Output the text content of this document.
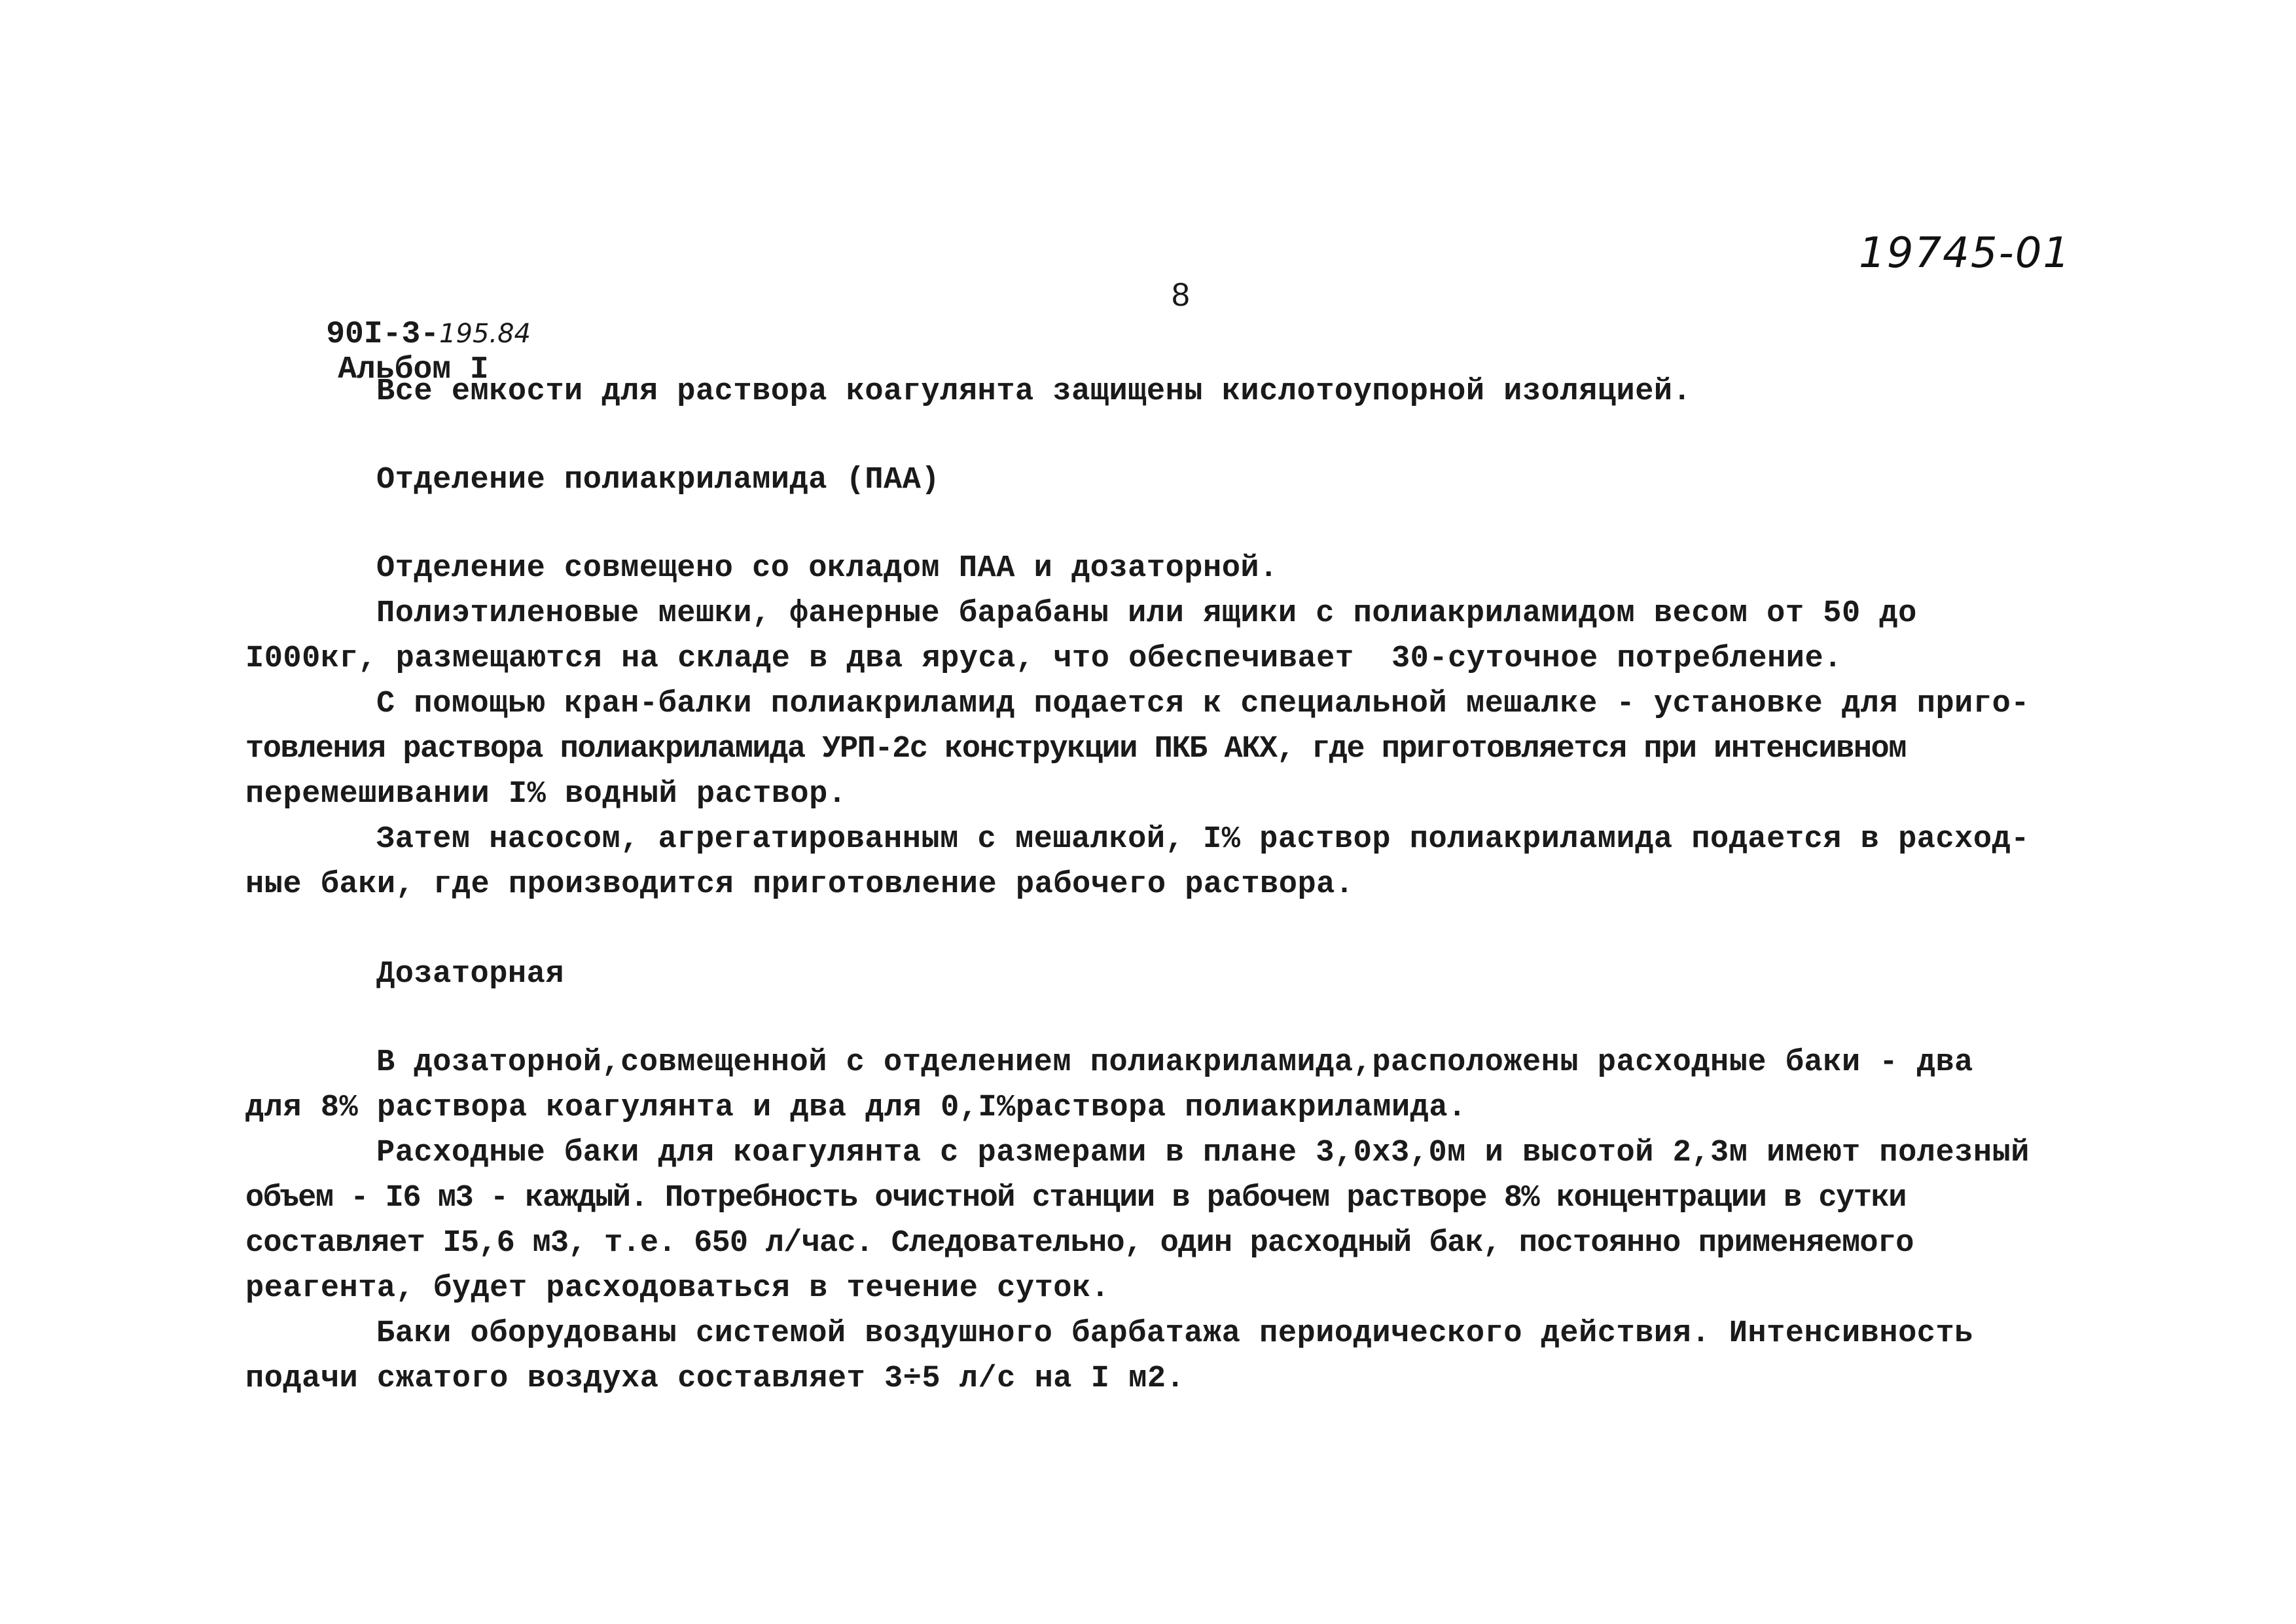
90I-3-195.84
Альбом I

8
19745-01
Все емкости для раствора коагулянта защищены кислотоупорной изоляцией.
Отделение полиакриламида (ПАА)
Отделение совмещено со окладом ПАА и дозаторной.
Полиэтиленовые мешки, фанерные барабаны или ящики с полиакриламидом весом от 50 до
I000кг, размещаются на складе в два яруса, что обеспечивает  30-суточное потребление.
С помощью кран-балки полиакриламид подается к специальной мешалке - установке для приго-
товления раствора полиакриламида УРП-2с конструкции ПКБ АКХ, где приготовляется при интенсивном
перемешивании I% водный раствор.
Затем насосом, агрегатированным с мешалкой, I% раствор полиакриламида подается в расход-
ные баки, где производится приготовление рабочего раствора.
Дозаторная
В дозаторной,совмещенной с отделением полиакриламида,расположены расходные баки - два
для 8% раствора коагулянта и два для 0,I%раствора полиакриламида.
Расходные баки для коагулянта с размерами в плане 3,0х3,0м и высотой 2,3м имеют полезный
объем - I6 м3 - каждый. Потребность очистной станции в рабочем растворе 8% концентрации в сутки
составляет I5,6 м3, т.е. 650 л/час. Следовательно, один расходный бак, постоянно применяемого
реагента, будет расходоваться в течение суток.
Баки оборудованы системой воздушного барбатажа периодического действия. Интенсивность
подачи сжатого воздуха составляет 3÷5 л/с на I м2.
